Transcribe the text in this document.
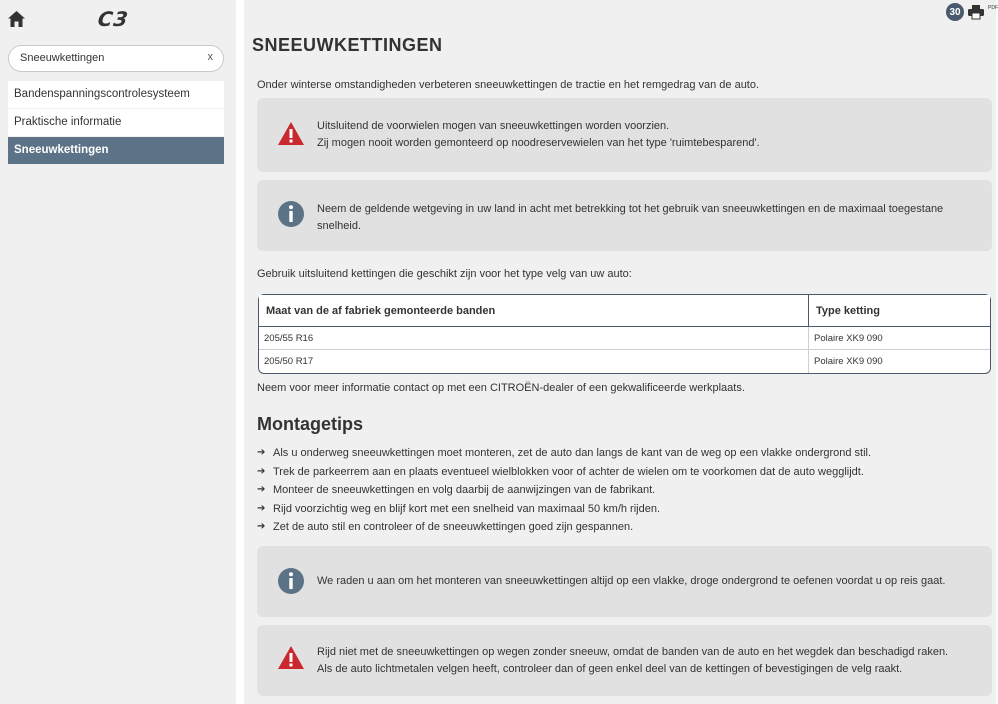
C3
Sneeuwkettingen
x
Bandenspanningscontrolesysteem
Praktische informatie
Sneeuwkettingen
30	PDF
SNEEUWKETTINGEN
Onder winterse omstandigheden verbeteren sneeuwkettingen de tractie en het remgedrag van de auto.
Uitsluitend de voorwielen mogen van sneeuwkettingen worden voorzien.
Zij mogen nooit worden gemonteerd op noodreservewielen van het type 'ruimtebesparend'.
Neem de geldende wetgeving in uw land in acht met betrekking tot het gebruik van sneeuwkettingen en de maximaal toegestane snelheid.
Gebruik uitsluitend kettingen die geschikt zijn voor het type velg van uw auto:
Maat van de af fabriek gemonteerde banden	Type ketting
205/55 R16	Polaire XK9 090
205/50 R17	Polaire XK9 090
Neem voor meer informatie contact op met een CITROËN-dealer of een gekwalificeerde werkplaats.
Montagetips
➔ Als u onderweg sneeuwkettingen moet monteren, zet de auto dan langs de kant van de weg op een vlakke ondergrond stil.
➔ Trek de parkeerrem aan en plaats eventueel wielblokken voor of achter de wielen om te voorkomen dat de auto wegglijdt.
➔ Monteer de sneeuwkettingen en volg daarbij de aanwijzingen van de fabrikant.
➔ Rijd voorzichtig weg en blijf kort met een snelheid van maximaal 50 km/h rijden.
➔ Zet de auto stil en controleer of de sneeuwkettingen goed zijn gespannen.
We raden u aan om het monteren van sneeuwkettingen altijd op een vlakke, droge ondergrond te oefenen voordat u op reis gaat.
Rijd niet met de sneeuwkettingen op wegen zonder sneeuw, omdat de banden van de auto en het wegdek dan beschadigd raken.
Als de auto lichtmetalen velgen heeft, controleer dan of geen enkel deel van de kettingen of bevestigingen de velg raakt.
